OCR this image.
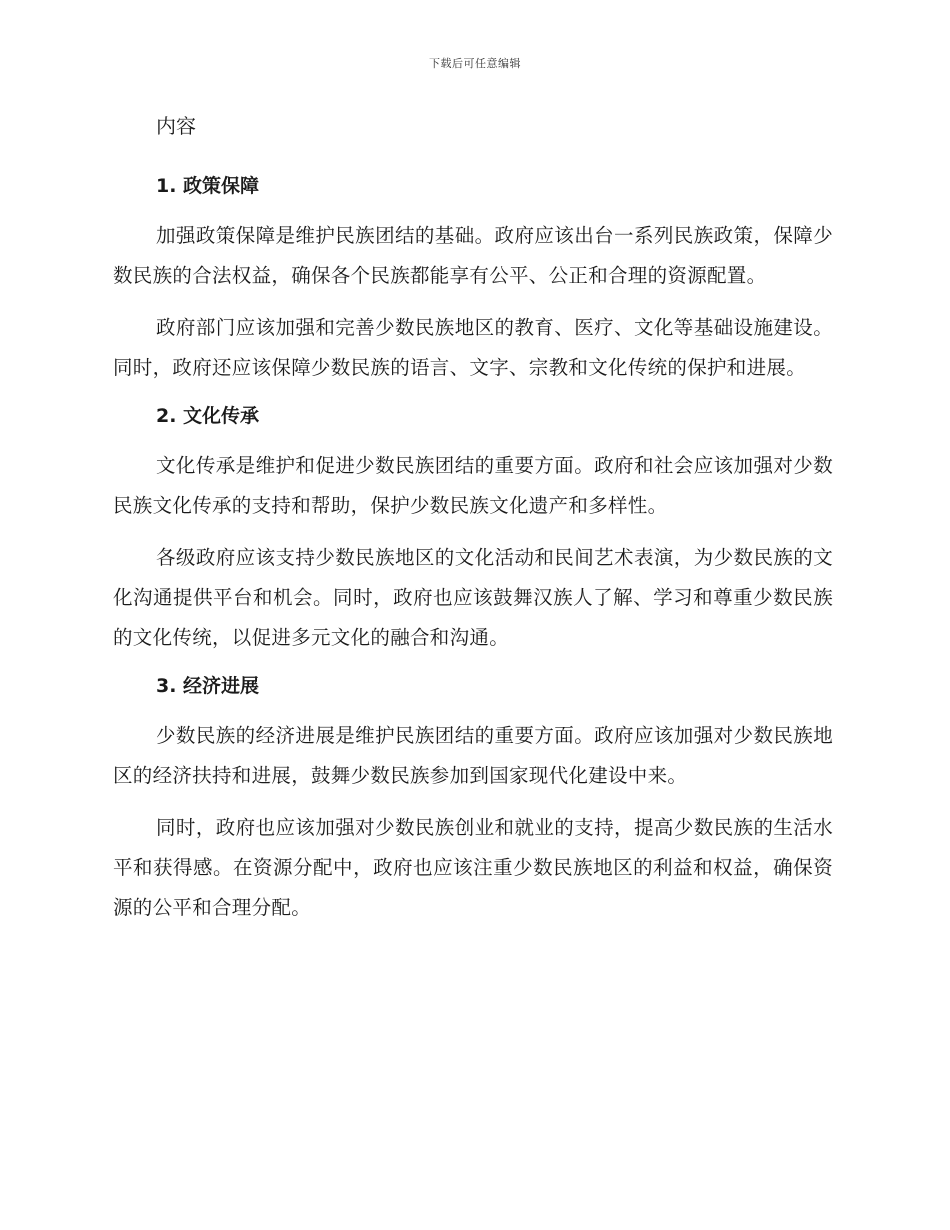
下载后可任意编辑
内容
1. 政策保障

加强政策保障是维护民族团结的基础。政府应该出台一系列民族政策，保障少数民族的合法权益，确保各个民族都能享有公平、公正和合理的资源配置。

政府部门应该加强和完善少数民族地区的教育、医疗、文化等基础设施建设。同时，政府还应该保障少数民族的语言、文字、宗教和文化传统的保护和进展。

2. 文化传承

文化传承是维护和促进少数民族团结的重要方面。政府和社会应该加强对少数民族文化传承的支持和帮助，保护少数民族文化遗产和多样性。

各级政府应该支持少数民族地区的文化活动和民间艺术表演，为少数民族的文化沟通提供平台和机会。同时，政府也应该鼓舞汉族人了解、学习和尊重少数民族的文化传统，以促进多元文化的融合和沟通。

3. 经济进展

少数民族的经济进展是维护民族团结的重要方面。政府应该加强对少数民族地区的经济扶持和进展，鼓舞少数民族参加到国家现代化建设中来。

同时，政府也应该加强对少数民族创业和就业的支持，提高少数民族的生活水平和获得感。在资源分配中，政府也应该注重少数民族地区的利益和权益，确保资源的公平和合理分配。
